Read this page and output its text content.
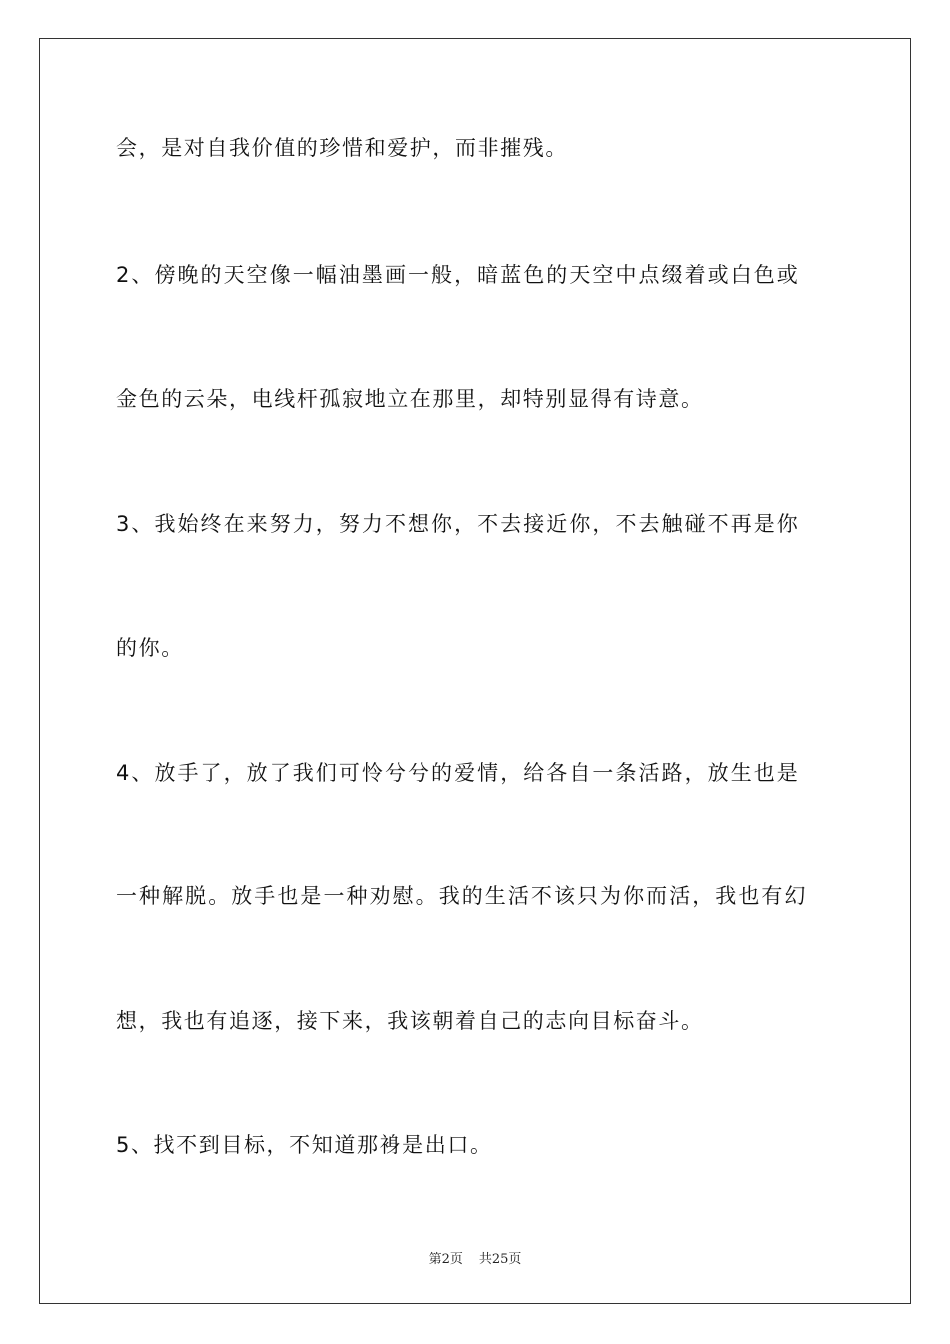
会，是对自我价值的珍惜和爱护，而非摧残。
2、傍晚的天空像一幅油墨画一般，暗蓝色的天空中点缀着或白色或
金色的云朵，电线杆孤寂地立在那里，却特别显得有诗意。
3、我始终在来努力，努力不想你，不去接近你，不去触碰不再是你
的你。
4、放手了，放了我们可怜兮兮的爱情，给各自一条活路，放生也是
一种解脱。放手也是一种劝慰。我的生活不该只为你而活，我也有幻
想，我也有追逐，接下来，我该朝着自己的志向目标奋斗。
5、找不到目标，不知道那裑是出口。
第2页 共25页
